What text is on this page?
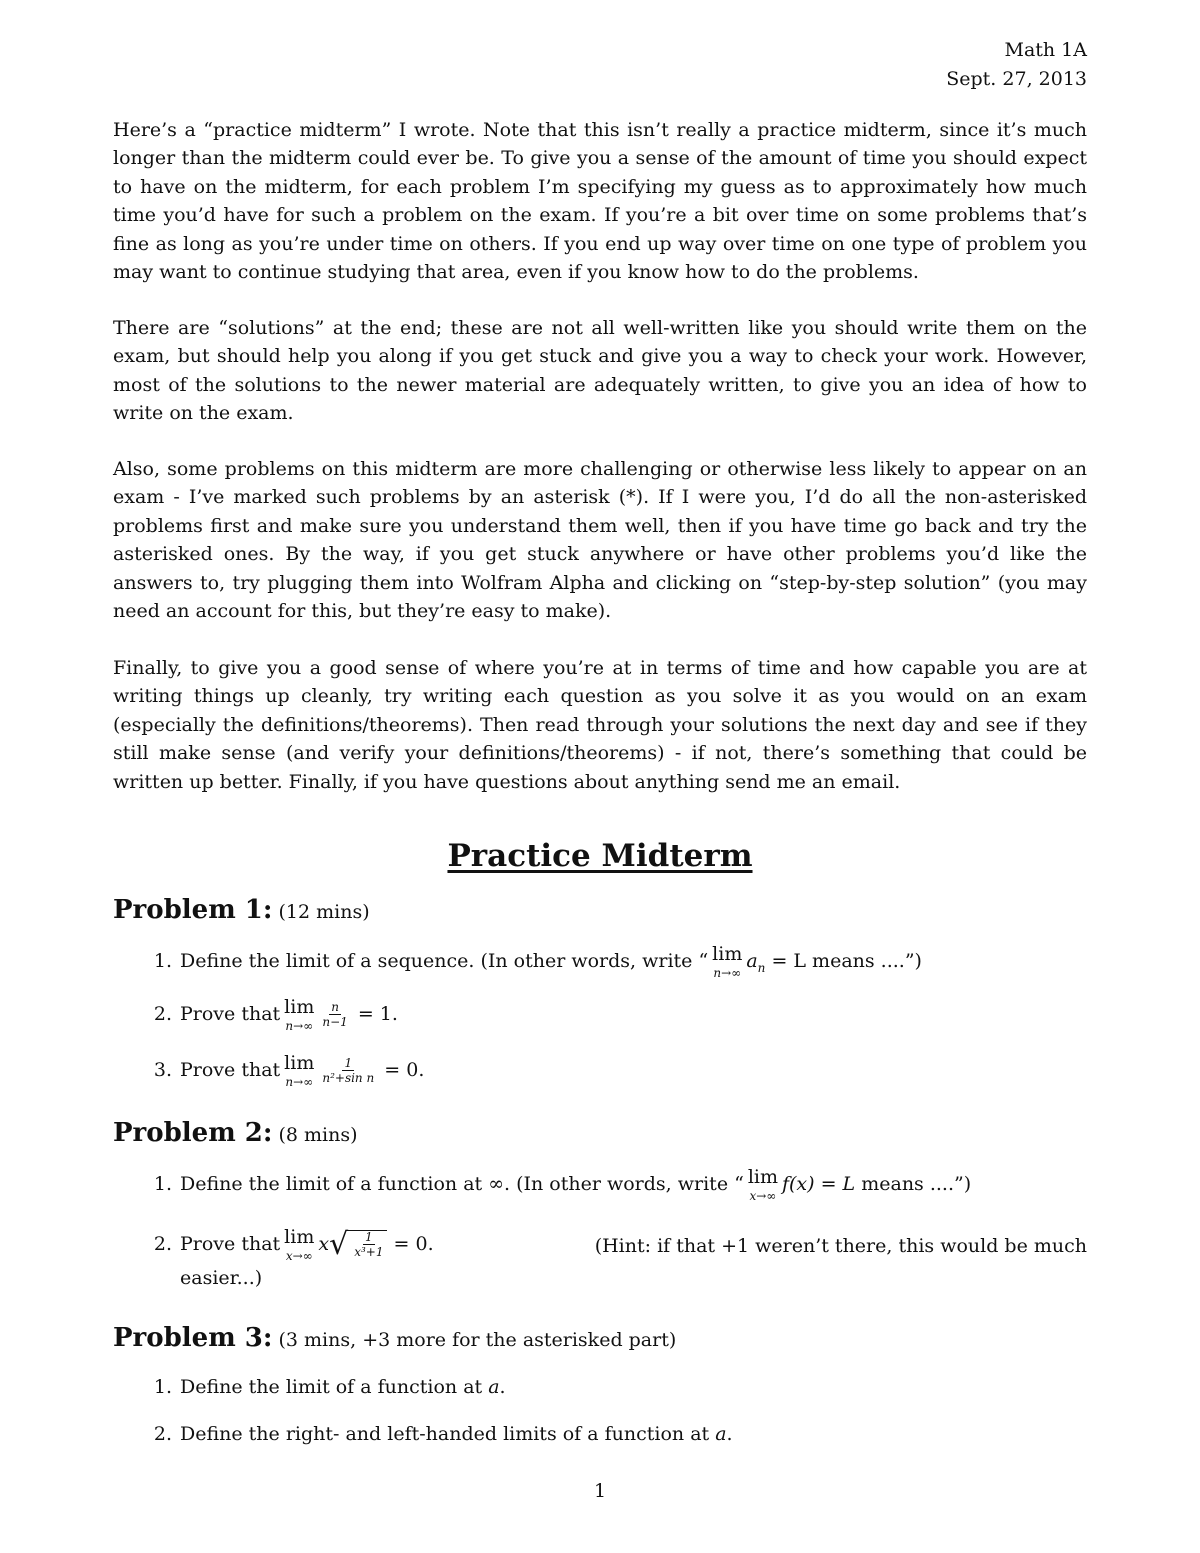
Math 1A
Sept. 27, 2013

Here’s a “practice midterm” I wrote. Note that this isn’t really a practice midterm, since it’s much longer than the midterm could ever be. To give you a sense of the amount of time you should expect to have on the midterm, for each problem I’m specifying my guess as to approximately how much time you’d have for such a problem on the exam. If you’re a bit over time on some problems that’s fine as long as you’re under time on others. If you end up way over time on one type of problem you may want to continue studying that area, even if you know how to do the problems.

There are “solutions” at the end; these are not all well-written like you should write them on the exam, but should help you along if you get stuck and give you a way to check your work. However, most of the solutions to the newer material are adequately written, to give you an idea of how to write on the exam.

Also, some problems on this midterm are more challenging or otherwise less likely to appear on an exam - I’ve marked such problems by an asterisk (*). If I were you, I’d do all the non-asterisked problems first and make sure you understand them well, then if you have time go back and try the asterisked ones. By the way, if you get stuck anywhere or have other problems you’d like the answers to, try plugging them into Wolfram Alpha and clicking on “step-by-step solution” (you may need an account for this, but they’re easy to make).

Finally, to give you a good sense of where you’re at in terms of time and how capable you are at writing things up cleanly, try writing each question as you solve it as you would on an exam (especially the definitions/theorems). Then read through your solutions the next day and see if they still make sense (and verify your definitions/theorems) - if not, there’s something that could be written up better. Finally, if you have questions about anything send me an email.

Practice Midterm
Problem 1: (12 mins)
1. Define the limit of a sequence. (In other words, write “ lim
n→∞
$a_n = L$ means ....”)
2. Prove that lim
$n\to\infty \frac{n}{n-1} = 1$.
3. Prove that lim
$n\to\infty \frac{1}{\text{n²+sin n}} = 0$.
Problem 2: (8 mins)
1. Define the limit of a function at ∞. (In other words, write “ lim
x→∞
f(x) = L means ....”)
2. Prove that lim
x→∞
x √ $\frac{1}{\text{x³+1}} = 0$.	(Hint: if that +1 weren’t there, this would be much
easier...)
Problem 3: (3 mins, +3 more for the asterisked part)
1. Define the limit of a function at a.
2. Define the right- and left-handed limits of a function at a.
1
